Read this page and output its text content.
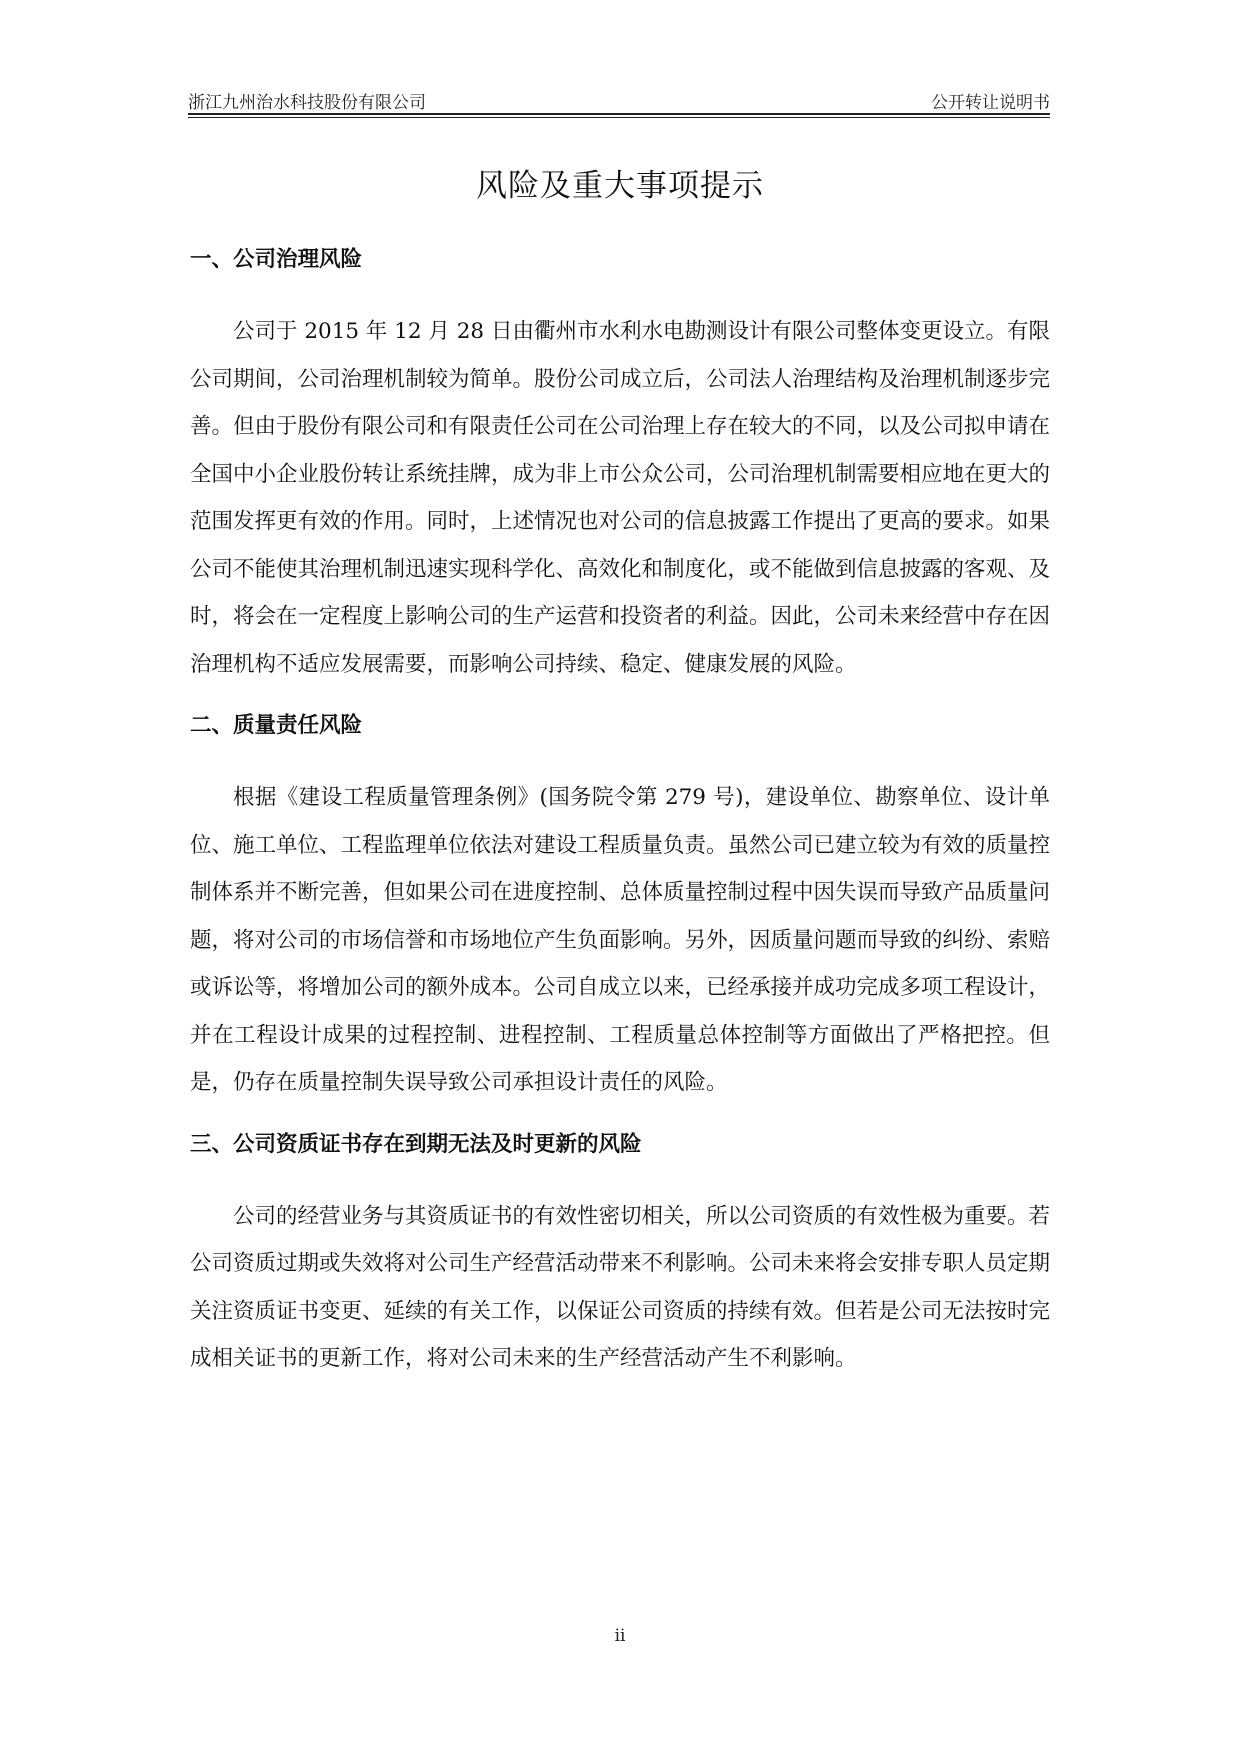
浙江九州治水科技股份有限公司	公开转让说明书
风险及重大事项提示
一、公司治理风险

公司于 2015 年 12 月 28 日由衢州市水利水电勘测设计有限公司整体变更设立。有限公司期间，公司治理机制较为简单。股份公司成立后，公司法人治理结构及治理机制逐步完善。但由于股份有限公司和有限责任公司在公司治理上存在较大的不同，以及公司拟申请在全国中小企业股份转让系统挂牌，成为非上市公众公司，公司治理机制需要相应地在更大的范围发挥更有效的作用。同时，上述情况也对公司的信息披露工作提出了更高的要求。如果公司不能使其治理机制迅速实现科学化、高效化和制度化，或不能做到信息披露的客观、及时，将会在一定程度上影响公司的生产运营和投资者的利益。因此，公司未来经营中存在因治理机构不适应发展需要，而影响公司持续、稳定、健康发展的风险。

二、质量责任风险

根据《建设工程质量管理条例》(国务院令第 279 号)，建设单位、勘察单位、设计单位、施工单位、工程监理单位依法对建设工程质量负责。虽然公司已建立较为有效的质量控制体系并不断完善，但如果公司在进度控制、总体质量控制过程中因失误而导致产品质量问题，将对公司的市场信誉和市场地位产生负面影响。另外，因质量问题而导致的纠纷、索赔或诉讼等，将增加公司的额外成本。公司自成立以来，已经承接并成功完成多项工程设计，并在工程设计成果的过程控制、进程控制、工程质量总体控制等方面做出了严格把控。但是，仍存在质量控制失误导致公司承担设计责任的风险。

三、公司资质证书存在到期无法及时更新的风险

公司的经营业务与其资质证书的有效性密切相关，所以公司资质的有效性极为重要。若公司资质过期或失效将对公司生产经营活动带来不利影响。公司未来将会安排专职人员定期关注资质证书变更、延续的有关工作，以保证公司资质的持续有效。但若是公司无法按时完成相关证书的更新工作，将对公司未来的生产经营活动产生不利影响。

ii
